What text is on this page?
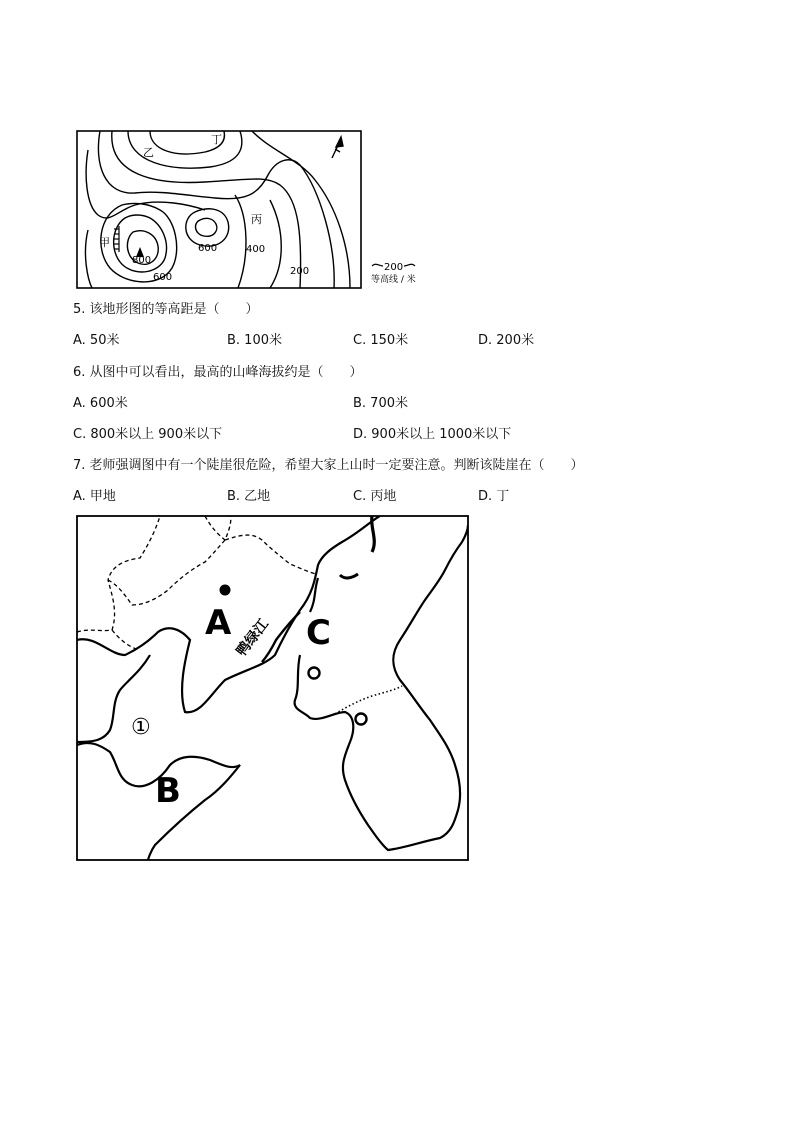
乙
丁
丙
甲
800
600
600
400
200	200
等高线 / 米
5. 该地形图的等高距是（　　）
A. 50米	B. 100米	C. 150米	D. 200米
6. 从图中可以看出，最高的山峰海拔约是（　　）
A. 600米	B. 700米
C. 800米以上 900米以下	D. 900米以上 1000米以下
7. 老师强调图中有一个陡崖很危险，希望大家上山时一定要注意。判断该陡崖在（　　）
A. 甲地	B. 乙地	C. 丙地	D. 丁
A
B
C
①
鸭绿江
